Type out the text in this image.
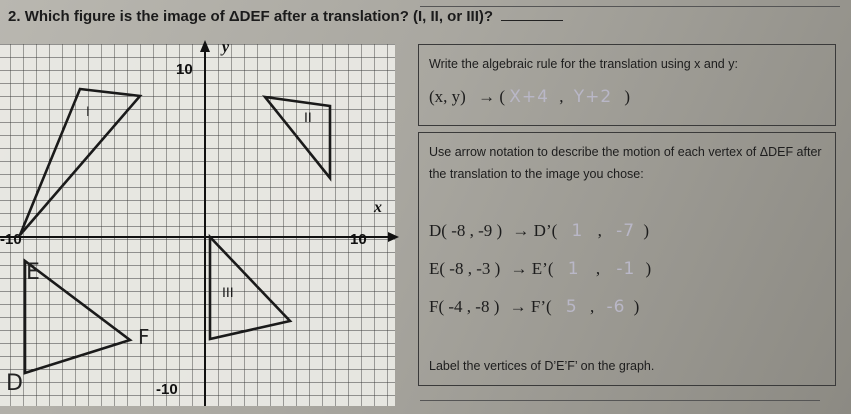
2. Which figure is the image of ΔDEF after a translation? (I, II, or III)?
y
x
10
10
-10
-10
I	II
III
E
F
D
Write the algebraic rule for the translation using x and y:
(x, y) → ( X+4 , Y+2 )
Use arrow notation to describe the motion of each vertex of ΔDEF after the translation to the image you chose:
D( -8 , -9 ) → D’( 1 , -7 )
E( -8 , -3 ) → E’( 1 , -1 )
F( -4 , -8 ) → F’( 5 , -6 )
Label the vertices of D’E’F’ on the graph.
